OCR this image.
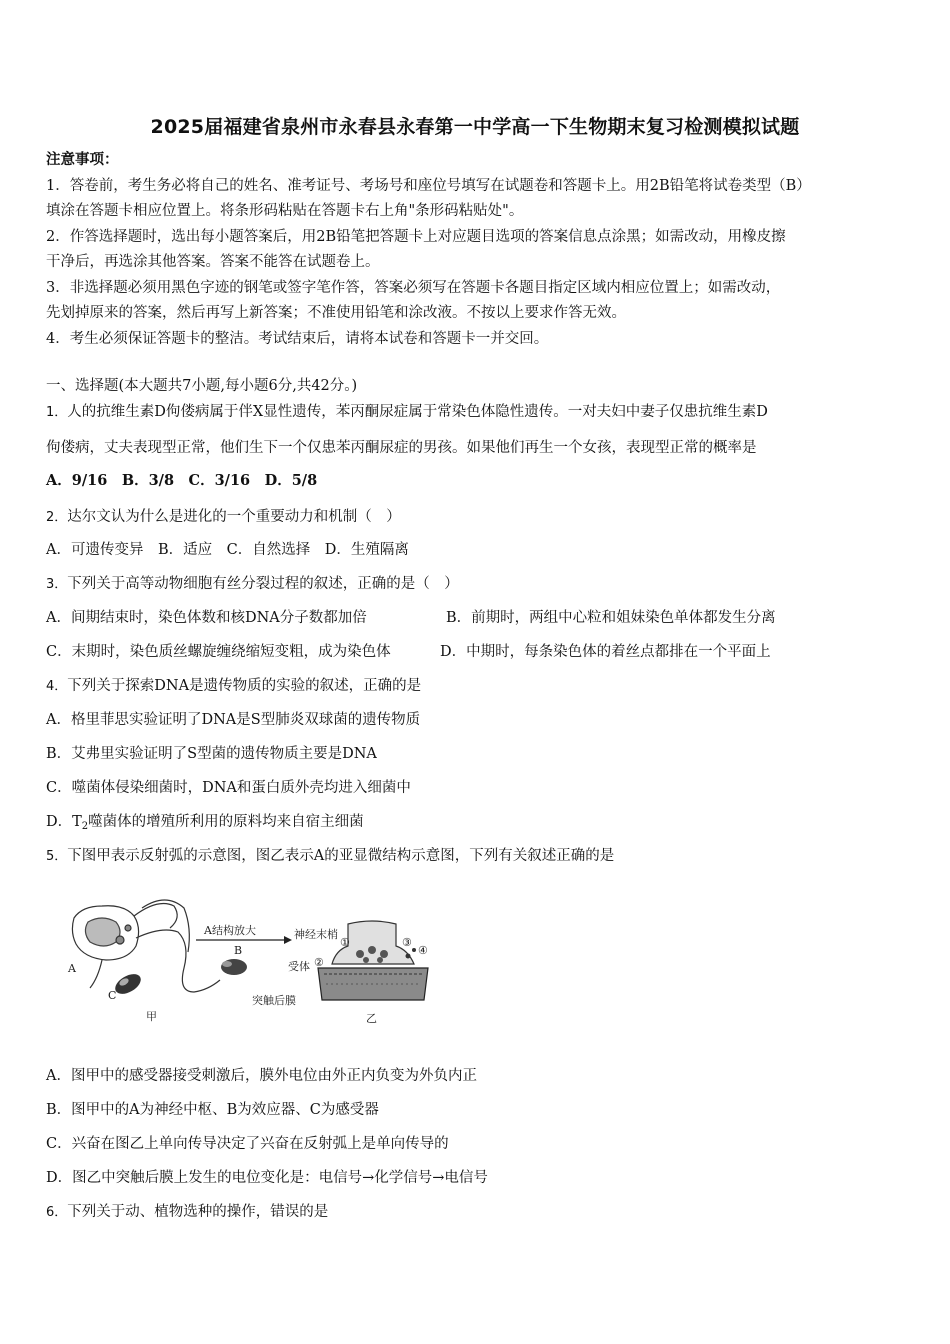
2025届福建省泉州市永春县永春第一中学高一下生物期末复习检测模拟试题
注意事项：
1．答卷前，考生务必将自己的姓名、准考证号、考场号和座位号填写在试题卷和答题卡上。用2B铅笔将试卷类型（B）
填涂在答题卡相应位置上。将条形码粘贴在答题卡右上角"条形码粘贴处"。
2．作答选择题时，选出每小题答案后，用2B铅笔把答题卡上对应题目选项的答案信息点涂黑；如需改动，用橡皮擦
干净后，再选涂其他答案。答案不能答在试题卷上。
3．非选择题必须用黑色字迹的钢笔或签字笔作答，答案必须写在答题卡各题目指定区域内相应位置上；如需改动，
先划掉原来的答案，然后再写上新答案；不准使用铅笔和涂改液。不按以上要求作答无效。
4．考生必须保证答题卡的整洁。考试结束后，请将本试卷和答题卡一并交回。
一、选择题(本大题共7小题,每小题6分,共42分。)
1．人的抗维生素D佝偻病属于伴X显性遗传，苯丙酮尿症属于常染色体隐性遗传。一对夫妇中妻子仅患抗维生素D
佝偻病，丈夫表现型正常，他们生下一个仅患苯丙酮尿症的男孩。如果他们再生一个女孩，表现型正常的概率是
A．9/16　B．3/8　C．3/16　D．5/8
2．达尔文认为什么是进化的一个重要动力和机制（　）
A．可遗传变异　B．适应　C．自然选择　D．生殖隔离
3．下列关于高等动物细胞有丝分裂过程的叙述，正确的是（　）
A．间期结束时，染色体数和核DNA分子数都加倍	B．前期时，两组中心粒和姐妹染色单体都发生分离
C．末期时，染色质丝螺旋缠绕缩短变粗，成为染色体	D．中期时，每条染色体的着丝点都排在一个平面上
4．下列关于探索DNA是遗传物质的实验的叙述，正确的是
A．格里菲思实验证明了DNA是S型肺炎双球菌的遗传物质
B．艾弗里实验证明了S型菌的遗传物质主要是DNA
C．噬菌体侵染细菌时，DNA和蛋白质外壳均进入细菌中
D．$T_2$噬菌体的增殖所利用的原料均来自宿主细菌
5．下图甲表示反射弧的示意图，图乙表示A的亚显微结构示意图，下列有关叙述正确的是
A结构放大
A
B
C
甲
神经末梢
①
②
③
④
受体
突触后膜
乙
A．图甲中的感受器接受刺激后，膜外电位由外正内负变为外负内正
B．图甲中的A为神经中枢、B为效应器、C为感受器
C．兴奋在图乙上单向传导决定了兴奋在反射弧上是单向传导的
D．图乙中突触后膜上发生的电位变化是：电信号→化学信号→电信号
6．下列关于动、植物选种的操作，错误的是
